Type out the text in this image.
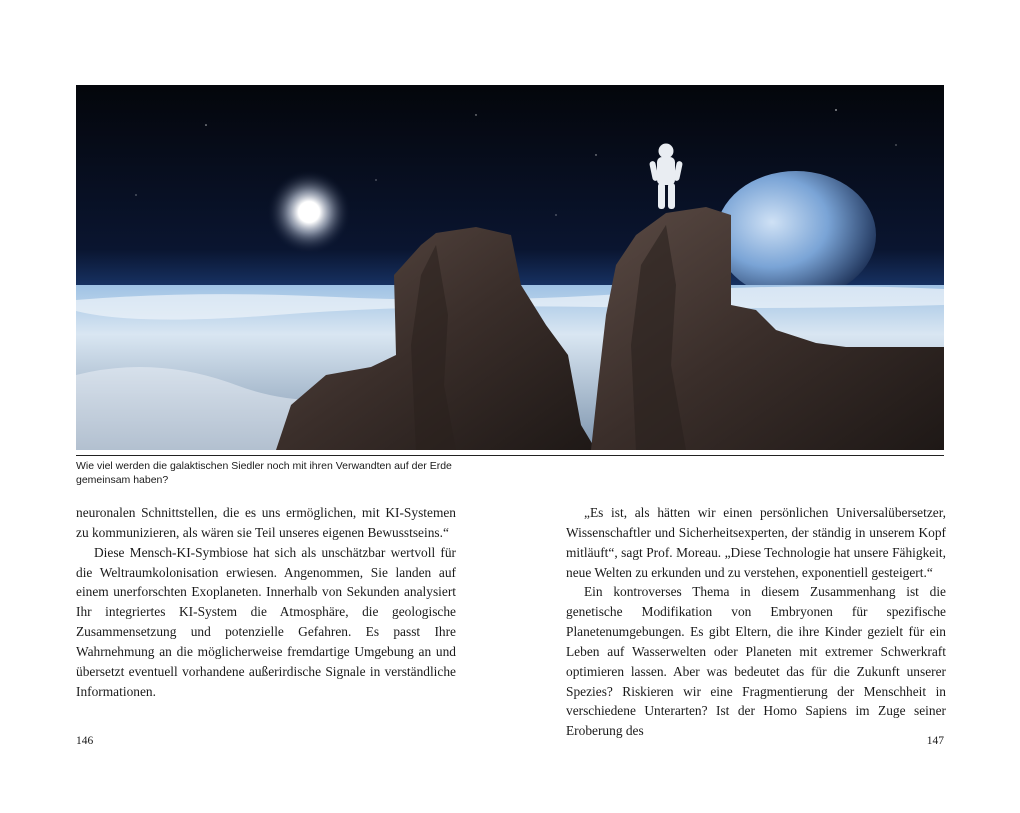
Wie viel werden die galaktischen Siedler noch mit ihren Verwandten auf der Erde gemeinsam haben?

neuronalen Schnittstellen, die es uns ermöglichen, mit KI-Systemen zu kommunizieren, als wären sie Teil unseres eigenen Bewusstseins.“

Diese Mensch-KI-Symbiose hat sich als unschätzbar wertvoll für die Weltraumkolonisation erwiesen. Angenommen, Sie landen auf einem unerforschten Exoplaneten. Innerhalb von Sekunden analysiert Ihr integriertes KI-System die Atmosphäre, die geologische Zusammensetzung und potenzielle Gefahren. Es passt Ihre Wahrnehmung an die möglicherweise fremdartige Umgebung an und übersetzt eventuell vorhandene außerirdische Signale in verständliche Informationen.

„Es ist, als hätten wir einen persönlichen Universalübersetzer, Wissenschaftler und Sicherheitsexperten, der ständig in unserem Kopf mitläuft“, sagt Prof. Moreau. „Diese Technologie hat unsere Fähigkeit, neue Welten zu erkunden und zu verstehen, exponentiell gesteigert.“

Ein kontroverses Thema in diesem Zusammenhang ist die genetische Modifikation von Embryonen für spezifische Planetenumgebungen. Es gibt Eltern, die ihre Kinder gezielt für ein Leben auf Wasserwelten oder Planeten mit extremer Schwerkraft optimieren lassen. Aber was bedeutet das für die Zukunft unserer Spezies? Riskieren wir eine Fragmentierung der Menschheit in verschiedene Unterarten? Ist der Homo Sapiens im Zuge seiner Eroberung des

146	147
